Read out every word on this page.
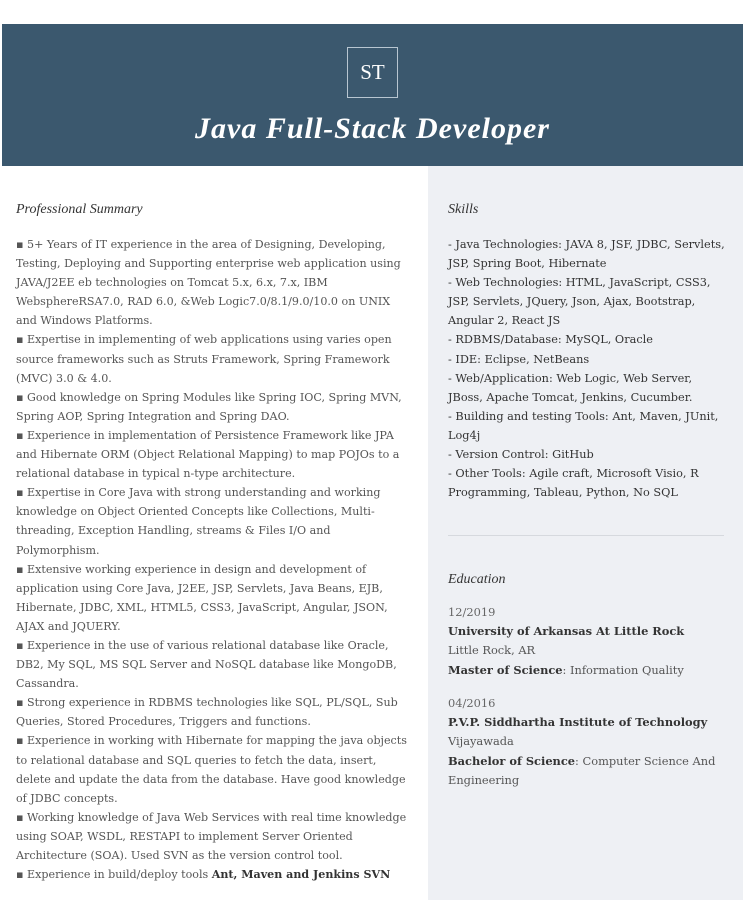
ST
Java Full-Stack Developer
Professional Summary

▪ 5+ Years of IT experience in the area of Designing, Developing, Testing, Deploying and Supporting enterprise web application using JAVA/J2EE eb technologies on Tomcat 5.x, 6.x, 7.x, IBM WebsphereRSA7.0, RAD 6.0, &Web Logic7.0/8.1/9.0/10.0 on UNIX and Windows Platforms.

▪ Expertise in implementing of web applications using varies open source frameworks such as Struts Framework, Spring Framework (MVC) 3.0 & 4.0.

▪ Good knowledge on Spring Modules like Spring IOC, Spring MVN, Spring AOP, Spring Integration and Spring DAO.

▪ Experience in implementation of Persistence Framework like JPA and Hibernate ORM (Object Relational Mapping) to map POJOs to a relational database in typical n-type architecture.

▪ Expertise in Core Java with strong understanding and working knowledge on Object Oriented Concepts like Collections, Multi-threading, Exception Handling, streams & Files I/O and Polymorphism.

▪ Extensive working experience in design and development of application using Core Java, J2EE, JSP, Servlets, Java Beans, EJB, Hibernate, JDBC, XML, HTML5, CSS3, JavaScript, Angular, JSON, AJAX and JQUERY.

▪ Experience in the use of various relational database like Oracle, DB2, My SQL, MS SQL Server and NoSQL database like MongoDB, Cassandra.

▪ Strong experience in RDBMS technologies like SQL, PL/SQL, Sub Queries, Stored Procedures, Triggers and functions.

▪ Experience in working with Hibernate for mapping the java objects to relational database and SQL queries to fetch the data, insert, delete and update the data from the database. Have good knowledge of JDBC concepts.

▪ Working knowledge of Java Web Services with real time knowledge using SOAP, WSDL, RESTAPI to implement Server Oriented Architecture (SOA). Used SVN as the version control tool.

▪ Experience in build/deploy tools Ant, Maven and Jenkins SVN

Skills

- Java Technologies: JAVA 8, JSF, JDBC, Servlets, JSP, Spring Boot, Hibernate

- Web Technologies: HTML, JavaScript, CSS3, JSP, Servlets, JQuery, Json, Ajax, Bootstrap, Angular 2, React JS

- RDBMS/Database: MySQL, Oracle

- IDE: Eclipse, NetBeans

- Web/Application: Web Logic, Web Server, JBoss, Apache Tomcat, Jenkins, Cucumber.

- Building and testing Tools: Ant, Maven, JUnit, Log4j

- Version Control: GitHub

- Other Tools: Agile craft, Microsoft Visio, R Programming, Tableau, Python, No SQL

Education
12/2019
University of Arkansas At Little Rock
Little Rock, AR
Master of Science: Information Quality
04/2016
P.V.P. Siddhartha Institute of Technology
Vijayawada
Bachelor of Science: Computer Science And Engineering
